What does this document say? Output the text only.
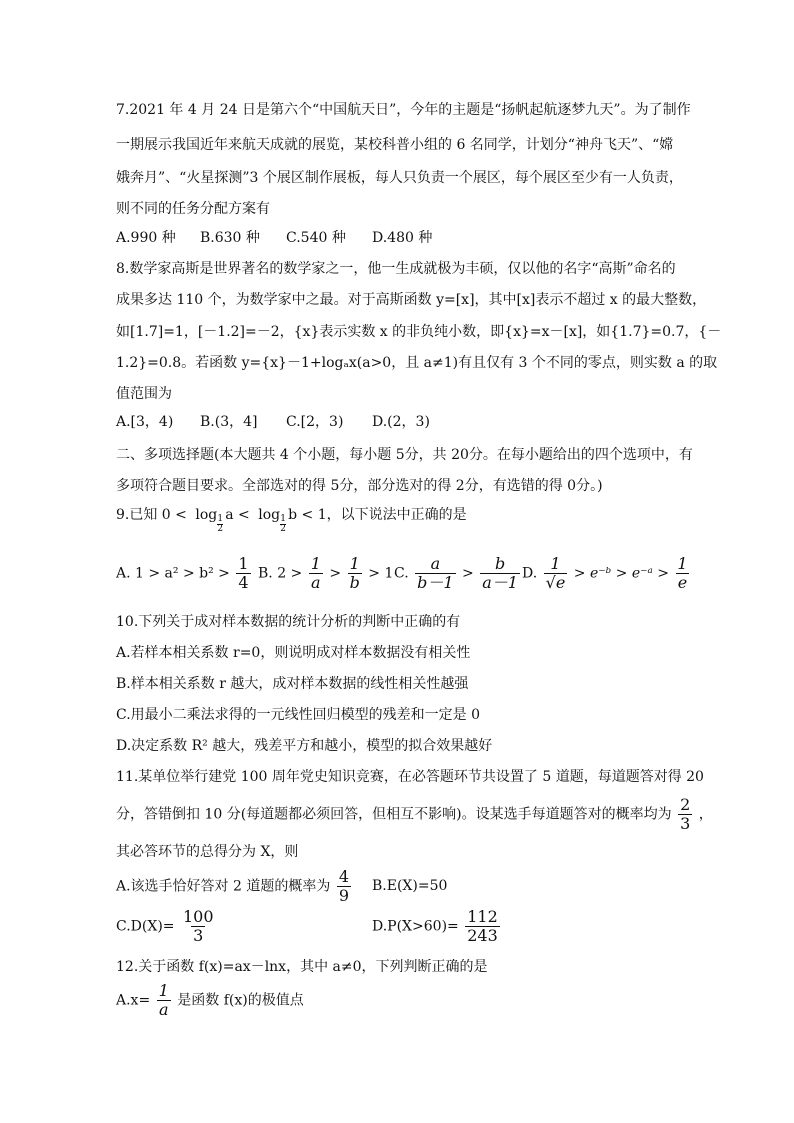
7.2021 年 4 月 24 日是第六个“中国航天日”，今年的主题是“扬帆起航逐梦九天”。为了制作
一期展示我国近年来航天成就的展览，某校科普小组的 6 名同学，计划分“神舟飞天”、“嫦
娥奔月”、“火星探测”3 个展区制作展板，每人只负责一个展区，每个展区至少有一人负责，
则不同的任务分配方案有
A.990 种 B.630 种 C.540 种 D.480 种
8.数学家高斯是世界著名的数学家之一，他一生成就极为丰硕，仅以他的名字“高斯”命名的
成果多达 110 个，为数学家中之最。对于高斯函数 y=[x]，其中[x]表示不超过 x 的最大整数，
如[1.7]=1，[－1.2]=－2，{x}表示实数 x 的非负纯小数，即{x}=x－[x]，如{1.7}=0.7，{－
1.2}=0.8。若函数 y={x}－1+logₐx(a>0，且 a≠1)有且仅有 3 个不同的零点，则实数 a 的取
值范围为
A.[3，4) B.(3，4] C.[2，3) D.(2，3)
二、多项选择题(本大题共 4 个小题，每小题 5分，共 20分。在每小题给出的四个选项中，有
多项符合题目要求。全部选对的得 5分，部分选对的得 2分，有选错的得 0分。)
9.已知 0 < log 1
2
a < log 1
2
b < 1，以下说法中正确的是
A. $1 > a^2 > b^2 > \frac{1}{4} B$. $2 > \frac{1}{a} > \frac{1}{b} > 1$ C. $\frac{a}{b-1} > \frac{b}{a-1} D$. $\frac{1}{√e}$ > e⁻ᵇ > e⁻ᵃ > $\frac{1}{e}$
10.下列关于成对样本数据的统计分析的判断中正确的有
A.若样本相关系数 r=0，则说明成对样本数据没有相关性
B.样本相关系数 r 越大，成对样本数据的线性相关性越强
C.用最小二乘法求得的一元线性回归模型的残差和一定是 0
D.决定系数 R² 越大，残差平方和越小，模型的拟合效果越好
11.某单位举行建党 100 周年党史知识竞赛，在必答题环节共设置了 5 道题，每道题答对得 20
分，答错倒扣 10 分(每道题都必须回答，但相互不影响)。设某选手每道题答对的概率均为 $\frac{2}{3}$ ，
其必答环节的总得分为 X，则
A.该选手恰好答对 2 道题的概率为 $\frac{4}{9} B.E(X)=50$
$C.D(X)= \frac{100}{3}$	$D.P(X>60)= \frac{112}{243}$
12.关于函数 f(x)=ax－lnx，其中 a≠0，下列判断正确的是
$A.x= \frac{1}{a}$ 是函数 f(x)的极值点
